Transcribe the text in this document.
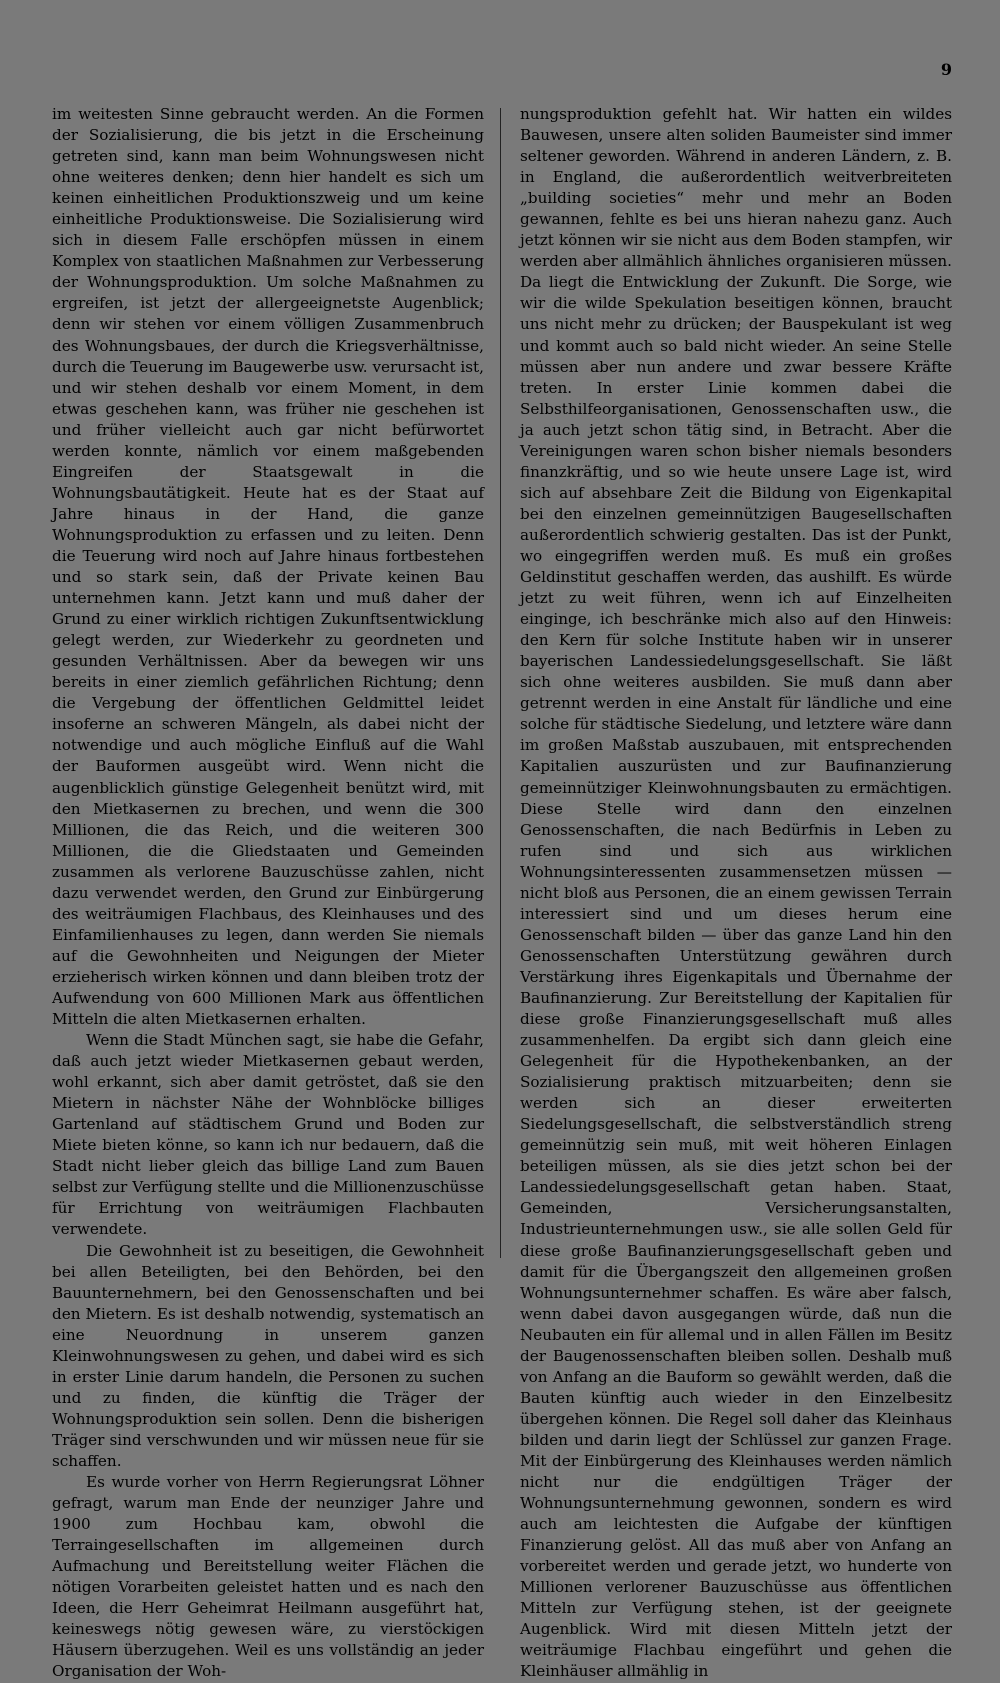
9

im weitesten Sinne gebraucht werden. An die Formen der Sozialisierung, die bis jetzt in die Erscheinung getreten sind, kann man beim Wohnungswesen nicht ohne weiteres denken; denn hier handelt es sich um keinen einheitlichen Produktionszweig und um keine einheitliche Produktionsweise. Die Sozialisierung wird sich in diesem Falle erschöpfen müssen in einem Komplex von staatlichen Maßnahmen zur Verbesserung der Wohnungsproduktion. Um solche Maßnahmen zu ergreifen, ist jetzt der allergeeignetste Augenblick; denn wir stehen vor einem völligen Zusammenbruch des Wohnungsbaues, der durch die Kriegsverhältnisse, durch die Teuerung im Baugewerbe usw. verursacht ist, und wir stehen deshalb vor einem Moment, in dem etwas geschehen kann, was früher nie geschehen ist und früher vielleicht auch gar nicht befürwortet werden konnte, nämlich vor einem maßgebenden Eingreifen der Staatsgewalt in die Wohnungsbautätigkeit. Heute hat es der Staat auf Jahre hinaus in der Hand, die ganze Wohnungsproduktion zu erfassen und zu leiten. Denn die Teuerung wird noch auf Jahre hinaus fortbestehen und so stark sein, daß der Private keinen Bau unternehmen kann. Jetzt kann und muß daher der Grund zu einer wirklich richtigen Zukunftsentwicklung gelegt werden, zur Wiederkehr zu geordneten und gesunden Verhältnissen. Aber da bewegen wir uns bereits in einer ziemlich gefährlichen Richtung; denn die Vergebung der öffentlichen Geldmittel leidet insoferne an schweren Mängeln, als dabei nicht der notwendige und auch mögliche Einfluß auf die Wahl der Bauformen ausgeübt wird. Wenn nicht die augenblicklich günstige Gelegenheit benützt wird, mit den Mietkasernen zu brechen, und wenn die 300 Millionen, die das Reich, und die weiteren 300 Millionen, die die Gliedstaaten und Gemeinden zusammen als verlorene Bauzuschüsse zahlen, nicht dazu verwendet werden, den Grund zur Einbürgerung des weiträumigen Flachbaus, des Kleinhauses und des Einfamilienhauses zu legen, dann werden Sie niemals auf die Gewohnheiten und Neigungen der Mieter erzieherisch wirken können und dann bleiben trotz der Aufwendung von 600 Millionen Mark aus öffentlichen Mitteln die alten Mietkasernen erhalten.

Wenn die Stadt München sagt, sie habe die Gefahr, daß auch jetzt wieder Mietkasernen gebaut werden, wohl erkannt, sich aber damit getröstet, daß sie den Mietern in nächster Nähe der Wohnblöcke billiges Gartenland auf städtischem Grund und Boden zur Miete bieten könne, so kann ich nur bedauern, daß die Stadt nicht lieber gleich das billige Land zum Bauen selbst zur Verfügung stellte und die Millionenzuschüsse für Errichtung von weiträumigen Flachbauten verwendete.

Die Gewohnheit ist zu beseitigen, die Gewohnheit bei allen Beteiligten, bei den Behörden, bei den Bauunternehmern, bei den Genossenschaften und bei den Mietern. Es ist deshalb notwendig, systematisch an eine Neuordnung in unserem ganzen Kleinwohnungswesen zu gehen, und dabei wird es sich in erster Linie darum handeln, die Personen zu suchen und zu finden, die künftig die Träger der Wohnungsproduktion sein sollen. Denn die bisherigen Träger sind verschwunden und wir müssen neue für sie schaffen.

Es wurde vorher von Herrn Regierungsrat Löhner gefragt, warum man Ende der neunziger Jahre und 1900 zum Hochbau kam, obwohl die Terraingesellschaften im allgemeinen durch Aufmachung und Bereitstellung weiter Flächen die nötigen Vorarbeiten geleistet hatten und es nach den Ideen, die Herr Geheimrat Heilmann ausgeführt hat, keineswegs nötig gewesen wäre, zu vierstöckigen Häusern überzugehen. Weil es uns vollständig an jeder Organisation der Woh-

nungsproduktion gefehlt hat. Wir hatten ein wildes Bauwesen, unsere alten soliden Baumeister sind immer seltener geworden. Während in anderen Ländern, z. B. in England, die außerordentlich weitverbreiteten „building societies“ mehr und mehr an Boden gewannen, fehlte es bei uns hieran nahezu ganz. Auch jetzt können wir sie nicht aus dem Boden stampfen, wir werden aber allmählich ähnliches organisieren müssen. Da liegt die Entwicklung der Zukunft. Die Sorge, wie wir die wilde Spekulation beseitigen können, braucht uns nicht mehr zu drücken; der Bauspekulant ist weg und kommt auch so bald nicht wieder. An seine Stelle müssen aber nun andere und zwar bessere Kräfte treten. In erster Linie kommen dabei die Selbsthilfeorganisationen, Genossenschaften usw., die ja auch jetzt schon tätig sind, in Betracht. Aber die Vereinigungen waren schon bisher niemals besonders finanzkräftig, und so wie heute unsere Lage ist, wird sich auf absehbare Zeit die Bildung von Eigenkapital bei den einzelnen gemeinnützigen Baugesellschaften außerordentlich schwierig gestalten. Das ist der Punkt, wo eingegriffen werden muß. Es muß ein großes Geldinstitut geschaffen werden, das aushilft. Es würde jetzt zu weit führen, wenn ich auf Einzelheiten einginge, ich beschränke mich also auf den Hinweis: den Kern für solche Institute haben wir in unserer bayerischen Landessiedelungsgesellschaft. Sie läßt sich ohne weiteres ausbilden. Sie muß dann aber getrennt werden in eine Anstalt für ländliche und eine solche für städtische Siedelung, und letztere wäre dann im großen Maßstab auszubauen, mit entsprechenden Kapitalien auszurüsten und zur Baufinanzierung gemeinnütziger Kleinwohnungsbauten zu ermächtigen. Diese Stelle wird dann den einzelnen Genossenschaften, die nach Bedürfnis in Leben zu rufen sind und sich aus wirklichen Wohnungsinteressenten zusammensetzen müssen — nicht bloß aus Personen, die an einem gewissen Terrain interessiert sind und um dieses herum eine Genossenschaft bilden — über das ganze Land hin den Genossenschaften Unterstützung gewähren durch Verstärkung ihres Eigenkapitals und Übernahme der Baufinanzierung. Zur Bereitstellung der Kapitalien für diese große Finanzierungsgesellschaft muß alles zusammenhelfen. Da ergibt sich dann gleich eine Gelegenheit für die Hypothekenbanken, an der Sozialisierung praktisch mitzuarbeiten; denn sie werden sich an dieser erweiterten Siedelungsgesellschaft, die selbstverständlich streng gemeinnützig sein muß, mit weit höheren Einlagen beteiligen müssen, als sie dies jetzt schon bei der Landessiedelungsgesellschaft getan haben. Staat, Gemeinden, Versicherungsanstalten, Industrieunternehmungen usw., sie alle sollen Geld für diese große Baufinanzierungsgesellschaft geben und damit für die Übergangszeit den allgemeinen großen Wohnungsunternehmer schaffen. Es wäre aber falsch, wenn dabei davon ausgegangen würde, daß nun die Neubauten ein für allemal und in allen Fällen im Besitz der Baugenossenschaften bleiben sollen. Deshalb muß von Anfang an die Bauform so gewählt werden, daß die Bauten künftig auch wieder in den Einzelbesitz übergehen können. Die Regel soll daher das Kleinhaus bilden und darin liegt der Schlüssel zur ganzen Frage. Mit der Einbürgerung des Kleinhauses werden nämlich nicht nur die endgültigen Träger der Wohnungsunternehmung gewonnen, sondern es wird auch am leichtesten die Aufgabe der künftigen Finanzierung gelöst. All das muß aber von Anfang an vorbereitet werden und gerade jetzt, wo hunderte von Millionen verlorener Bauzuschüsse aus öffentlichen Mitteln zur Verfügung stehen, ist der geeignete Augenblick. Wird mit diesen Mitteln jetzt der weiträumige Flachbau eingeführt und gehen die Kleinhäuser allmählig in
